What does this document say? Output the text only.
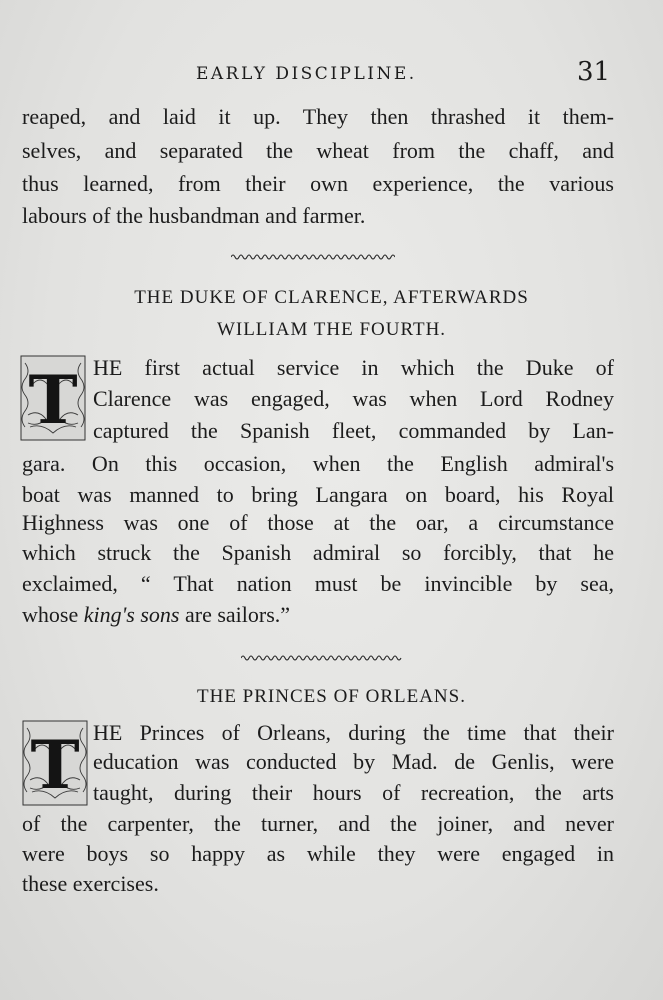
EARLY DISCIPLINE.	31
reaped, and laid it up. They then thrashed it them-
selves, and separated the wheat from the chaff, and
thus learned, from their own experience, the various
labours of the husbandman and farmer.
THE DUKE OF CLARENCE, AFTERWARDS
WILLIAM THE FOURTH.
T HE first actual service in which the Duke of
Clarence was engaged, was when Lord Rodney
captured the Spanish fleet, commanded by Lan-
gara. On this occasion, when the English admiral's
boat was manned to bring Langara on board, his Royal
Highness was one of those at the oar, a circumstance
which struck the Spanish admiral so forcibly, that he
exclaimed, “ That nation must be invincible by sea,
whose king's sons are sailors.”
THE PRINCES OF ORLEANS.
T HE Princes of Orleans, during the time that their
education was conducted by Mad. de Genlis, were
taught, during their hours of recreation, the arts
of the carpenter, the turner, and the joiner, and never
were boys so happy as while they were engaged in
these exercises.
